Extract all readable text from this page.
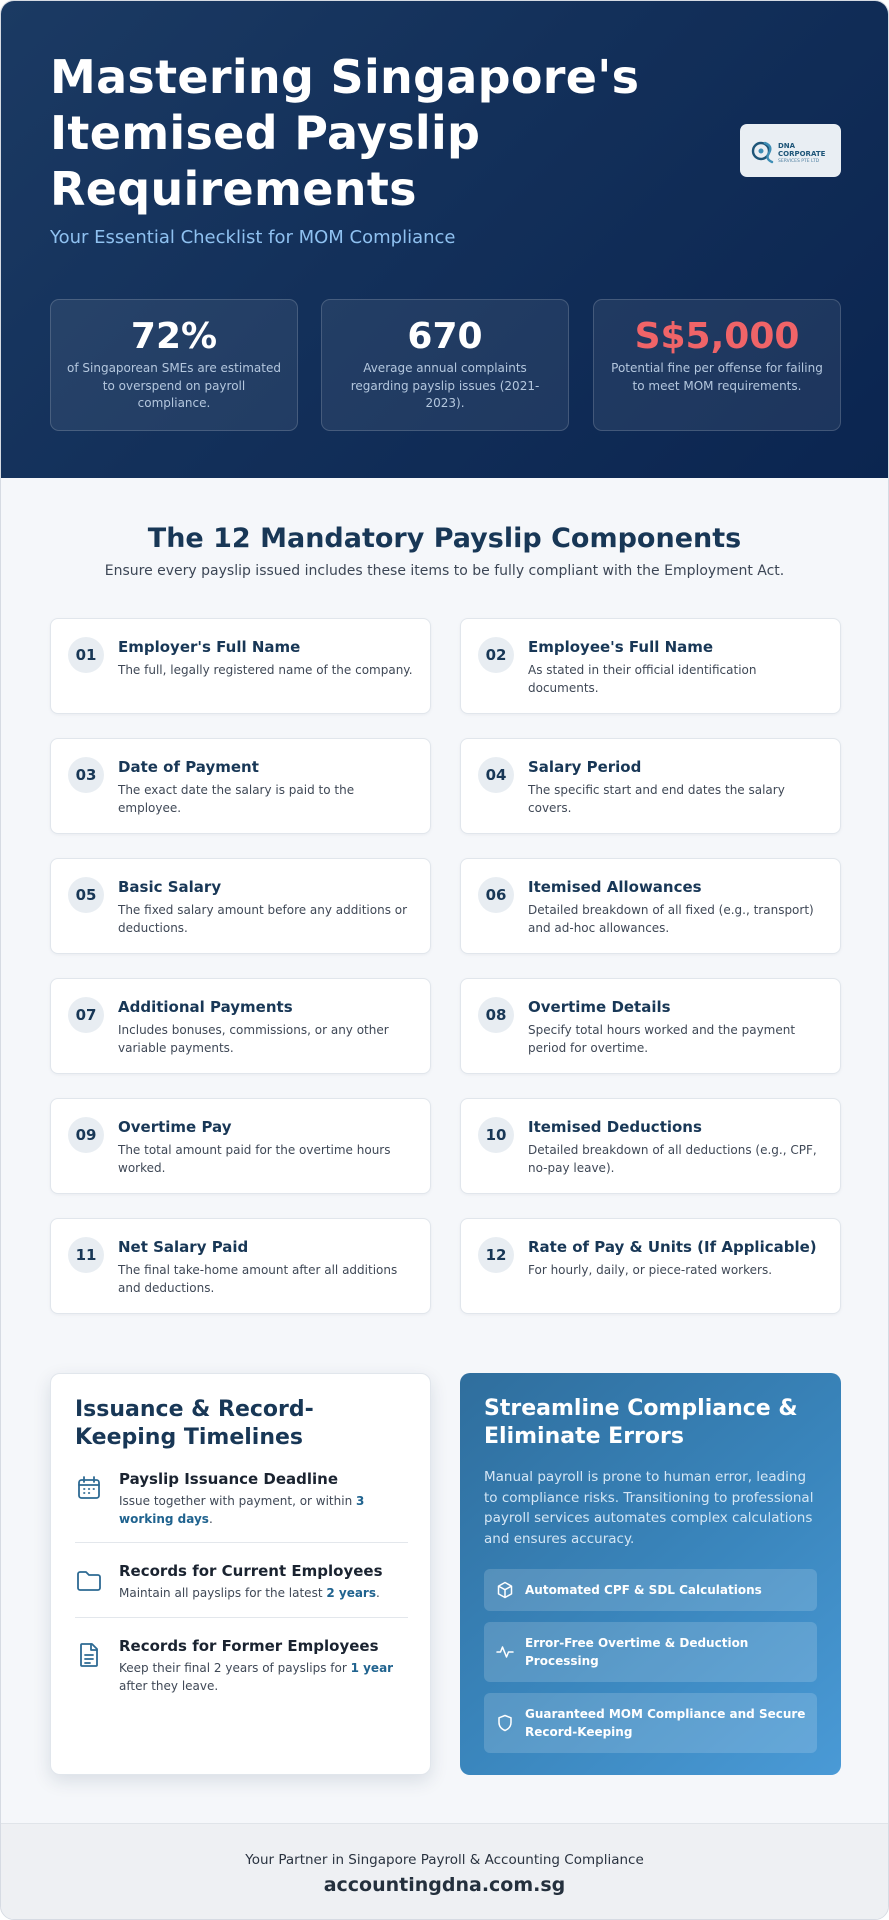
Mastering Singapore's Itemised Payslip Requirements
Your Essential Checklist for MOM Compliance
DNA
CORPORATE
SERVICES PTE LTD
72%
of Singaporean SMEs are estimated to overspend on payroll compliance.
670
Average annual complaints regarding payslip issues (2021-2023).
S$5,000
Potential fine per offense for failing to meet MOM requirements.
The 12 Mandatory Payslip Components
Ensure every payslip issued includes these items to be fully compliant with the Employment Act.
01	Employer's Full Name
The full, legally registered name of the company.
02	Employee's Full Name
As stated in their official identification documents.
03	Date of Payment
The exact date the salary is paid to the employee.
04	Salary Period
The specific start and end dates the salary covers.
05	Basic Salary
The fixed salary amount before any additions or deductions.
06	Itemised Allowances
Detailed breakdown of all fixed (e.g., transport) and ad-hoc allowances.
07	Additional Payments
Includes bonuses, commissions, or any other variable payments.
08	Overtime Details
Specify total hours worked and the payment period for overtime.
09	Overtime Pay
The total amount paid for the overtime hours worked.
10	Itemised Deductions
Detailed breakdown of all deductions (e.g., CPF, no-pay leave).
11	Net Salary Paid
The final take-home amount after all additions and deductions.
12	Rate of Pay & Units (If Applicable)
For hourly, daily, or piece-rated workers.
Issuance & Record-Keeping Timelines
Payslip Issuance Deadline
Issue together with payment, or within 3 working days.
Records for Current Employees
Maintain all payslips for the latest 2 years.
Records for Former Employees
Keep their final 2 years of payslips for 1 year after they leave.
Streamline Compliance & Eliminate Errors

Manual payroll is prone to human error, leading to compliance risks. Transitioning to professional payroll services automates complex calculations and ensures accuracy.

Automated CPF & SDL Calculations
Error-Free Overtime & Deduction Processing
Guaranteed MOM Compliance and Secure Record-Keeping
Your Partner in Singapore Payroll & Accounting Compliance
accountingdna.com.sg
